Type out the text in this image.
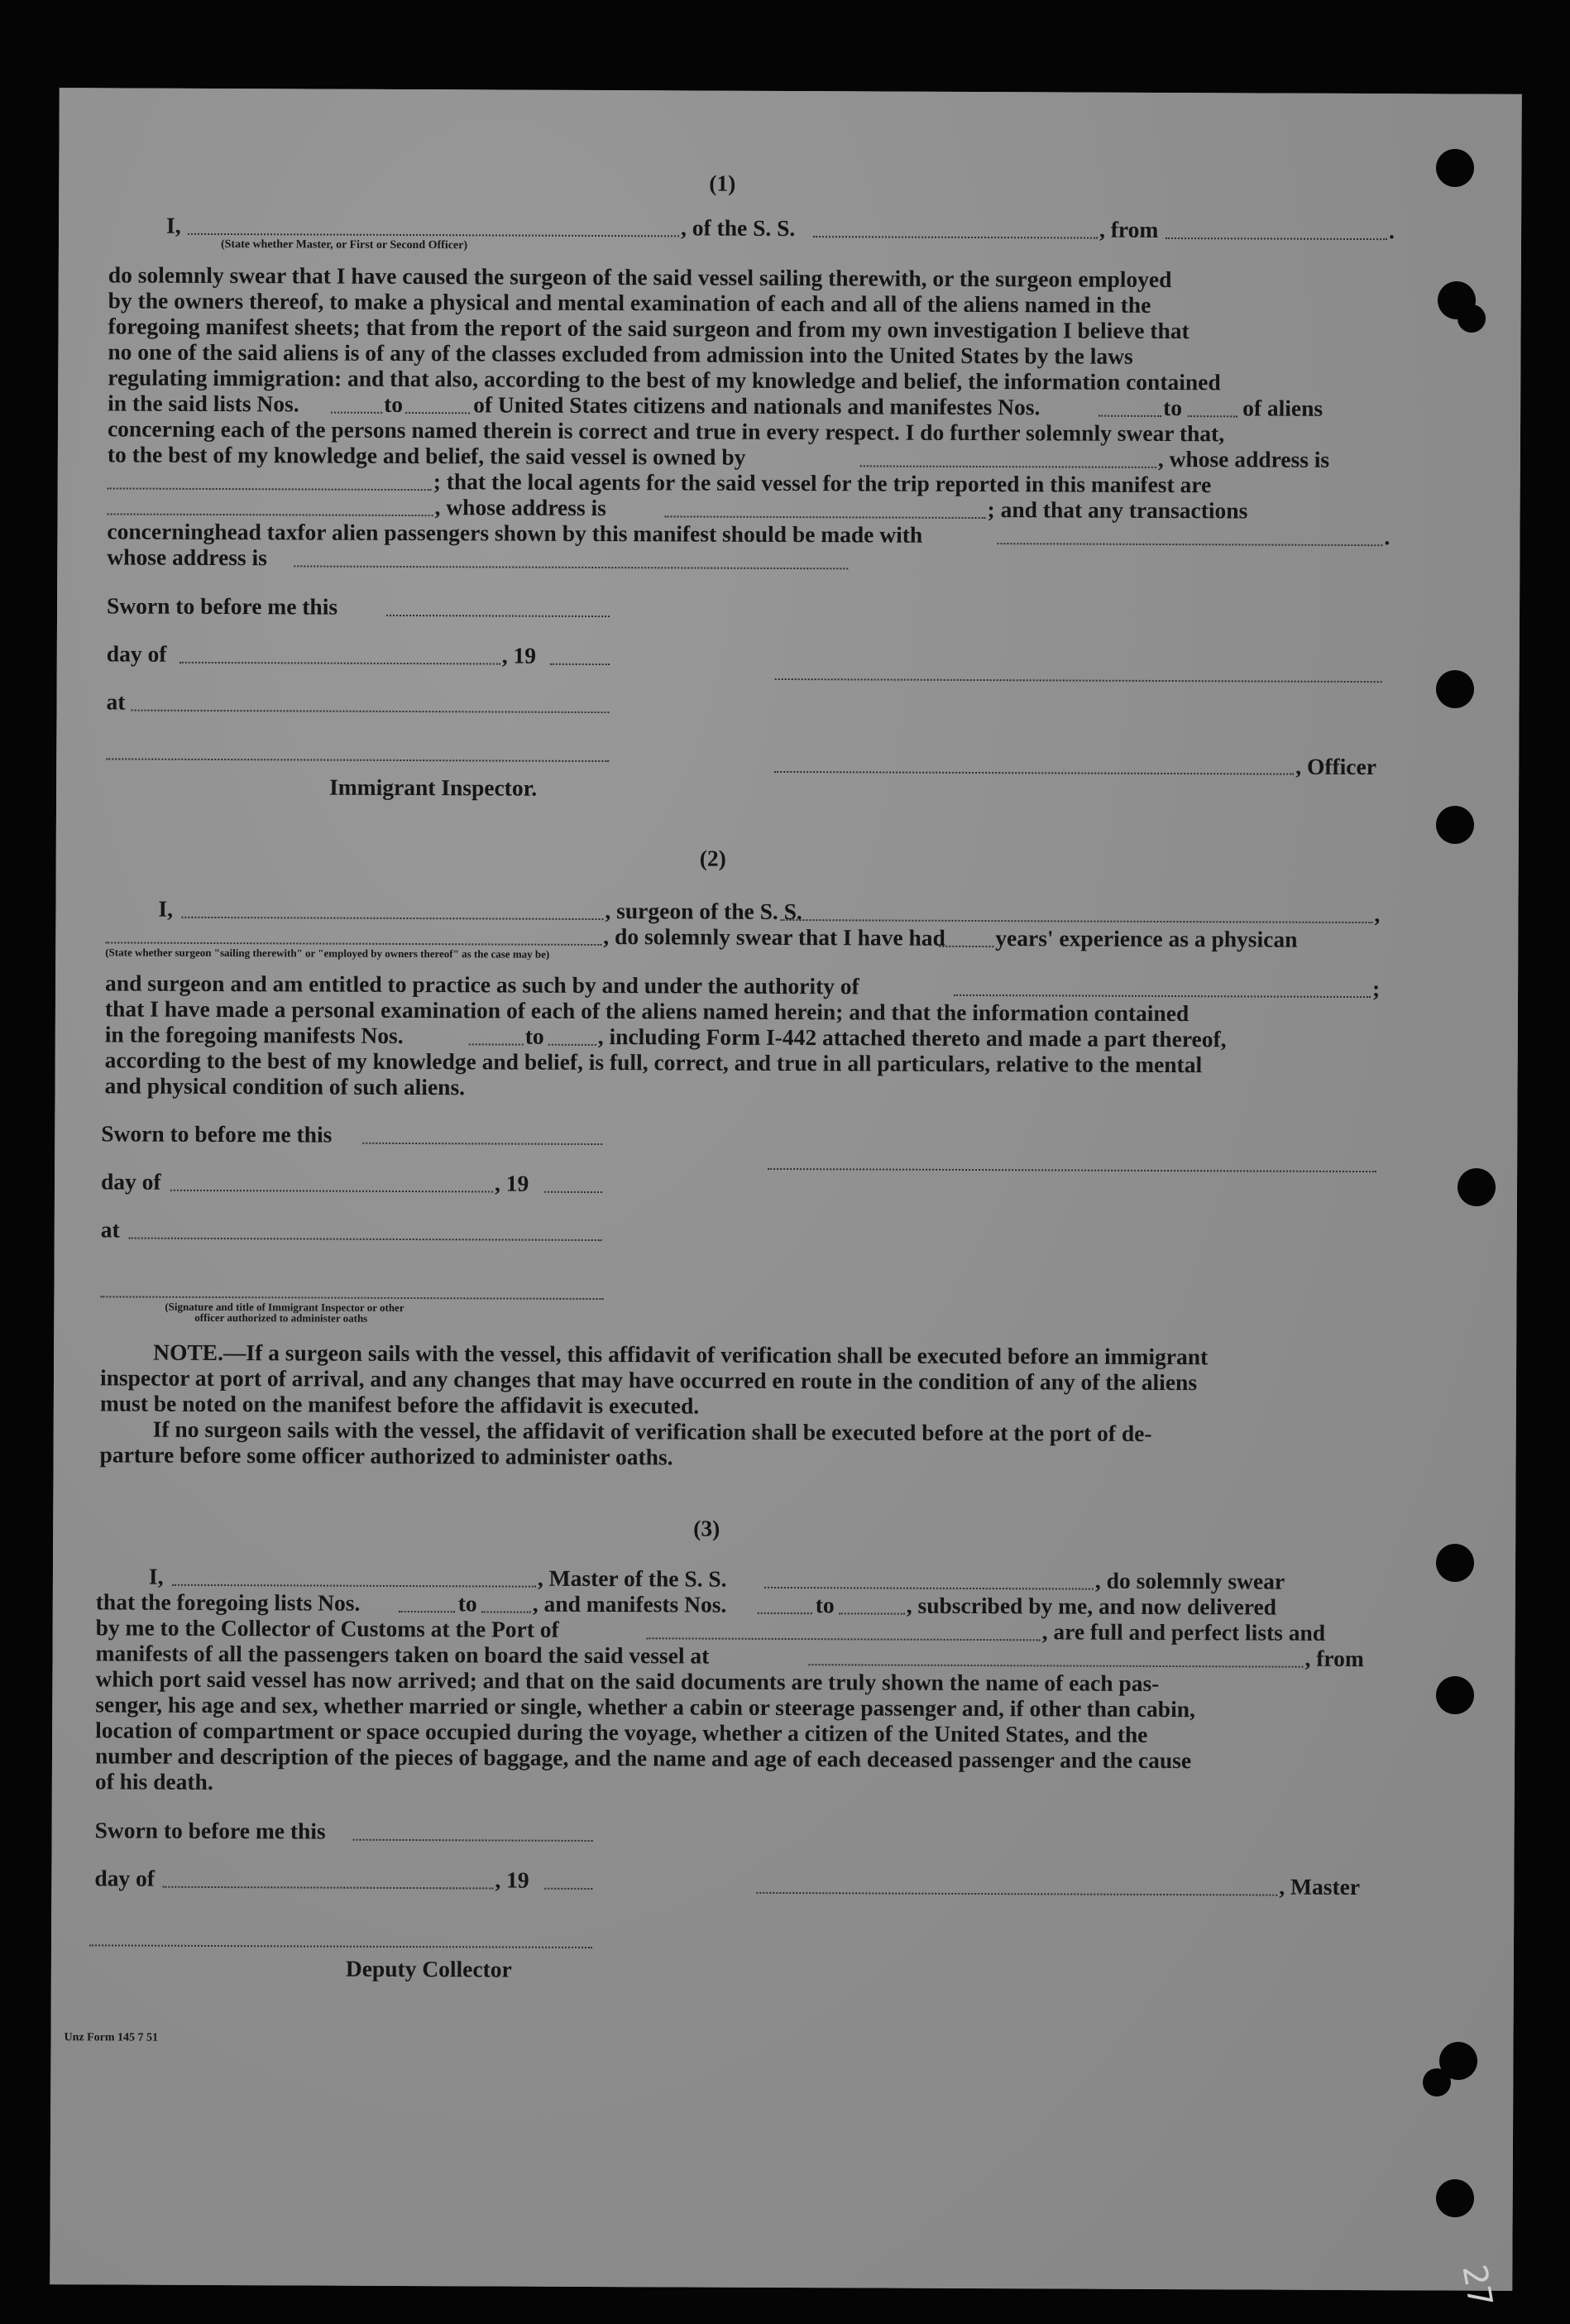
(1)
I,	, of the S. S.	, from	.
(State whether Master, or First or Second Officer)
do solemnly swear that I have caused the surgeon of the said vessel sailing therewith, or the surgeon employed
by the owners thereof, to make a physical and mental examination of each and all of the aliens named in the
foregoing manifest sheets; that from the report of the said surgeon and from my own investigation I believe that
no one of the said aliens is of any of the classes excluded from admission into the United States by the laws
regulating immigration: and that also, according to the best of my knowledge and belief, the information contained
in the said lists Nos.	to	of United States citizens and nationals and manifestes Nos.	to	of aliens
concerning each of the persons named therein is correct and true in every respect. I do further solemnly swear that,
to the best of my knowledge and belief, the said vessel is owned by	, whose address is
; that the local agents for the said vessel for the trip reported in this manifest are
, whose address is	; and that any transactions
concerninghead taxfor alien passengers shown by this manifest should be made with	.
whose address is
Sworn to before me this
day of	, 19
at
, Officer
Immigrant Inspector.
(2)
I,	, surgeon of the S. S.	,
, do solemnly swear that I have had years' experience as a physican
(State whether surgeon "sailing therewith" or "employed by owners thereof" as the case may be)
and surgeon and am entitled to practice as such by and under the authority of	;
that I have made a personal examination of each of the aliens named herein; and that the information contained
in the foregoing manifests Nos.	to , including Form I-442 attached thereto and made a part thereof,
according to the best of my knowledge and belief, is full, correct, and true in all particulars, relative to the mental
and physical condition of such aliens.
Sworn to before me this
day of	, 19
at
(Signature and title of Immigrant Inspector or other
officer authorized to administer oaths
NOTE.—If a surgeon sails with the vessel, this affidavit of verification shall be executed before an immigrant
inspector at port of arrival, and any changes that may have occurred en route in the condition of any of the aliens
must be noted on the manifest before the affidavit is executed.
If no surgeon sails with the vessel, the affidavit of verification shall be executed before at the port of de-
parture before some officer authorized to administer oaths.
(3)
I,	, Master of the S. S.	, do solemnly swear
that the foregoing lists Nos.	to , and manifests Nos.	to	, subscribed by me, and now delivered
by me to the Collector of Customs at the Port of	, are full and perfect lists and
manifests of all the passengers taken on board the said vessel at	, from
which port said vessel has now arrived; and that on the said documents are truly shown the name of each pas-
senger, his age and sex, whether married or single, whether a cabin or steerage passenger and, if other than cabin,
location of compartment or space occupied during the voyage, whether a citizen of the United States, and the
number and description of the pieces of baggage, and the name and age of each deceased passenger and the cause
of his death.
Sworn to before me this
day of	, 19	, Master
Deputy Collector
Unz Form 145 7 51
27
